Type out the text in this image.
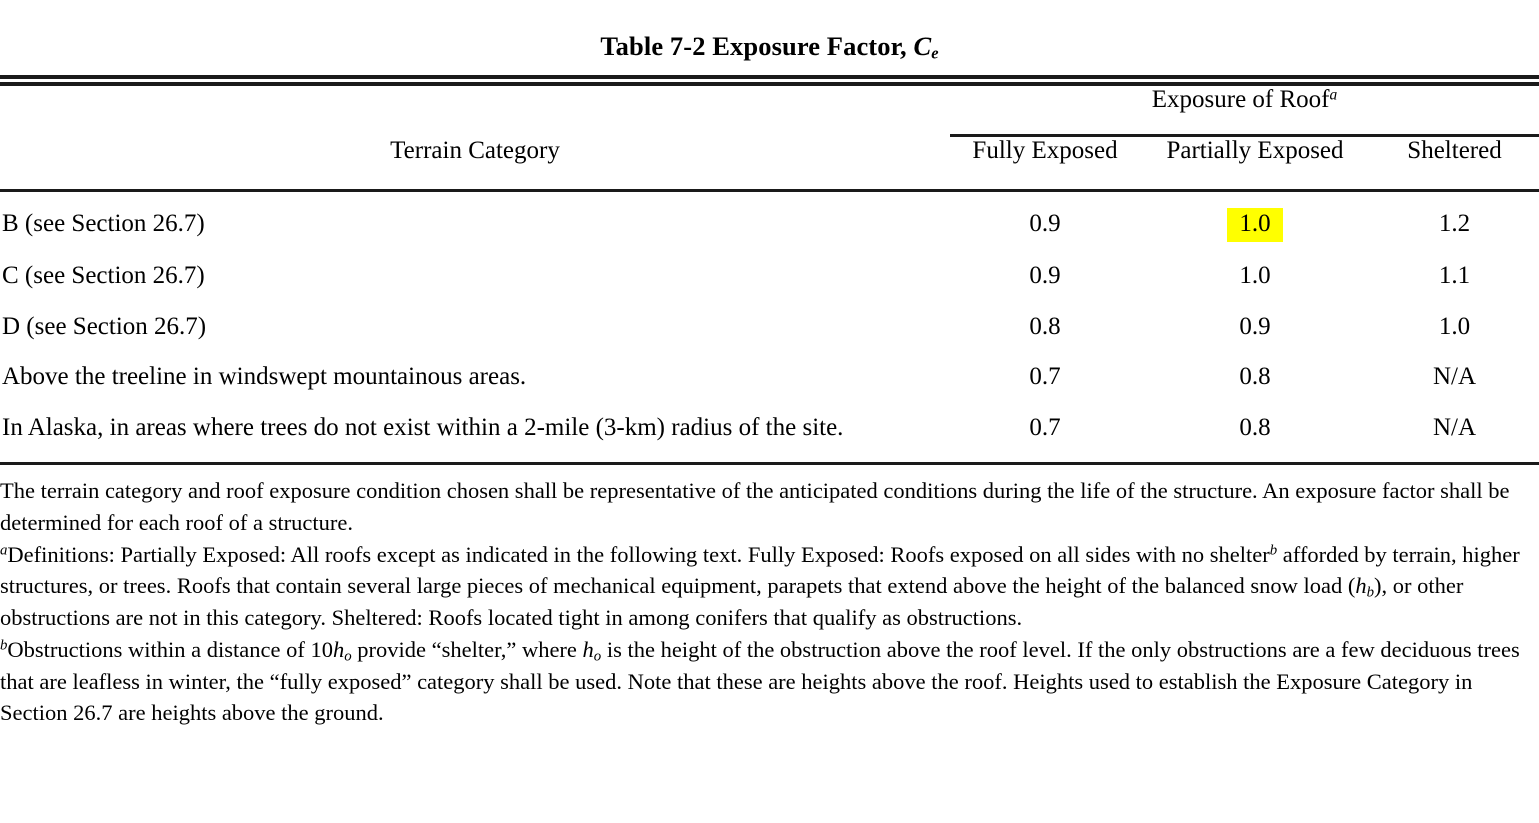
Table 7-2 Exposure Factor, $C_e$
	Exposure of Roof$^a$

Terrain Category	Fully Exposed	Partially Exposed	Sheltered
B (see Section 26.7)	0.9	1.0	1.2
C (see Section 26.7)	0.9	1.0	1.1
D (see Section 26.7)	0.8	0.9	1.0
Above the treeline in windswept mountainous areas.	0.7	0.8	N/A
In Alaska, in areas where trees do not exist within a 2-mile (3-km) radius of the site.	0.7	0.8	N/A

The terrain category and roof exposure condition chosen shall be representative of the anticipated conditions during the life of the structure. An exposure factor shall be determined for each roof of a structure.

$^a$Definitions: Partially Exposed: All roofs except as indicated in the following text. Fully Exposed: Roofs exposed on all sides with no shelter$^b$ afforded by terrain, higher structures, or trees. Roofs that contain several large pieces of mechanical equipment, parapets that extend above the height of the balanced snow load $(h_b)$, or other obstructions are not in this category. Sheltered: Roofs located tight in among conifers that qualify as obstructions.

$^b$Obstructions within a distance of $10h_o$ provide “shelter,” where $h_o$ is the height of the obstruction above the roof level. If the only obstructions are a few deciduous trees that are leafless in winter, the “fully exposed” category shall be used. Note that these are heights above the roof. Heights used to establish the Exposure Category in Section 26.7 are heights above the ground.
